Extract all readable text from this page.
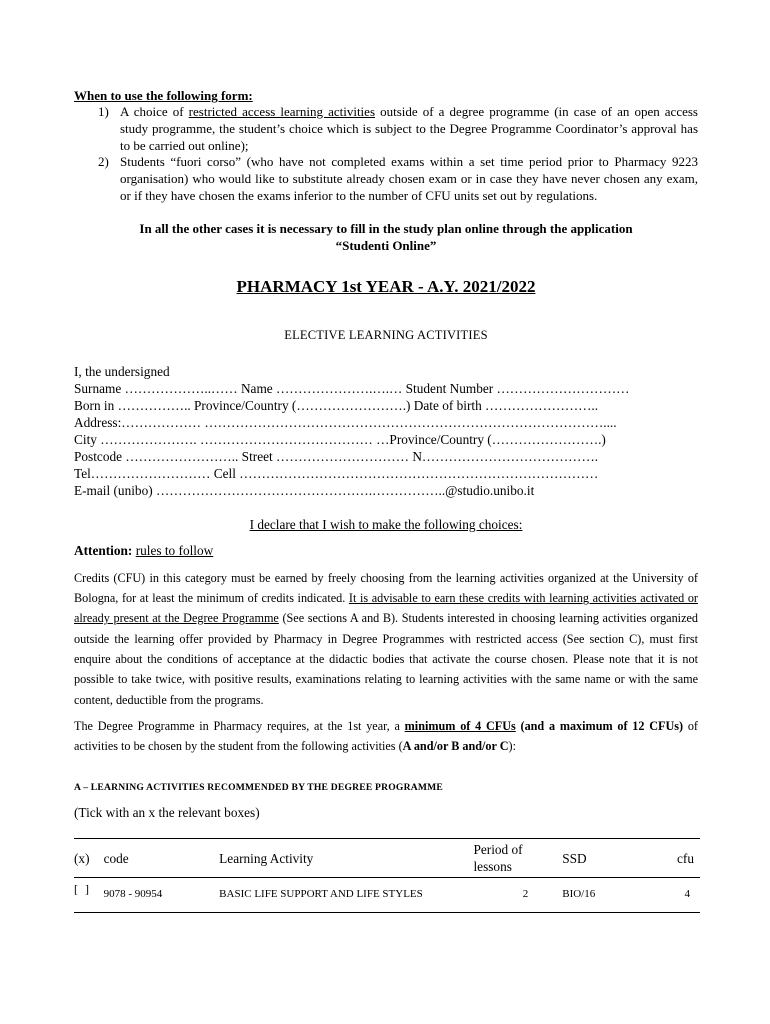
When to use the following form:
1) A choice of restricted access learning activities outside of a degree programme (in case of an open access study programme, the student’s choice which is subject to the Degree Programme Coordinator’s approval has to be carried out online);
2) Students “fuori corso” (who have not completed exams within a set time period prior to Pharmacy 9223 organisation) who would like to substitute already chosen exam or in case they have never chosen any exam, or if they have chosen the exams inferior to the number of CFU units set out by regulations.
In all the other cases it is necessary to fill in the study plan online through the application
“Studenti Online”
PHARMACY 1st YEAR - A.Y. 2021/2022
ELECTIVE LEARNING ACTIVITIES
I, the undersigned
Surname ………………..…… Name ………………….….… Student Number …………………………
Born in …………….. Province/Country (…………………….) Date of birth ……………………..
Address:……………… ………………………………………………………………………………....
City …………………. ………………………………… …Province/Country (…………………….)
Postcode …………………….. Street ………………………… N………………………………….
Tel……………………… Cell ………………………………………………………………………
E-mail (unibo) ………………………………………….……………..@studio.unibo.it
I declare that I wish to make the following choices:
Attention: rules to follow
Credits (CFU) in this category must be earned by freely choosing from the learning activities organized at the University of Bologna, for at least the minimum of credits indicated. It is advisable to earn these credits with learning activities activated or already present at the Degree Programme (See sections A and B). Students interested in choosing learning activities organized outside the learning offer provided by Pharmacy in Degree Programmes with restricted access (See section C), must first enquire about the conditions of acceptance at the didactic bodies that activate the course chosen. Please note that it is not possible to take twice, with positive results, examinations relating to learning activities with the same name or with the same content, deductible from the programs.
The Degree Programme in Pharmacy requires, at the 1st year, a minimum of 4 CFUs (and a maximum of 12 CFUs) of activities to be chosen by the student from the following activities (A and/or B and/or C):
A – LEARNING ACTIVITIES RECOMMENDED BY THE DEGREE PROGRAMME
(Tick with an x the relevant boxes)
(x)	code	Learning Activity	Period of lessons	SSD	cfu

[ ]	9078 - 90954	BASIC LIFE SUPPORT AND LIFE STYLES	2	BIO/16	4
